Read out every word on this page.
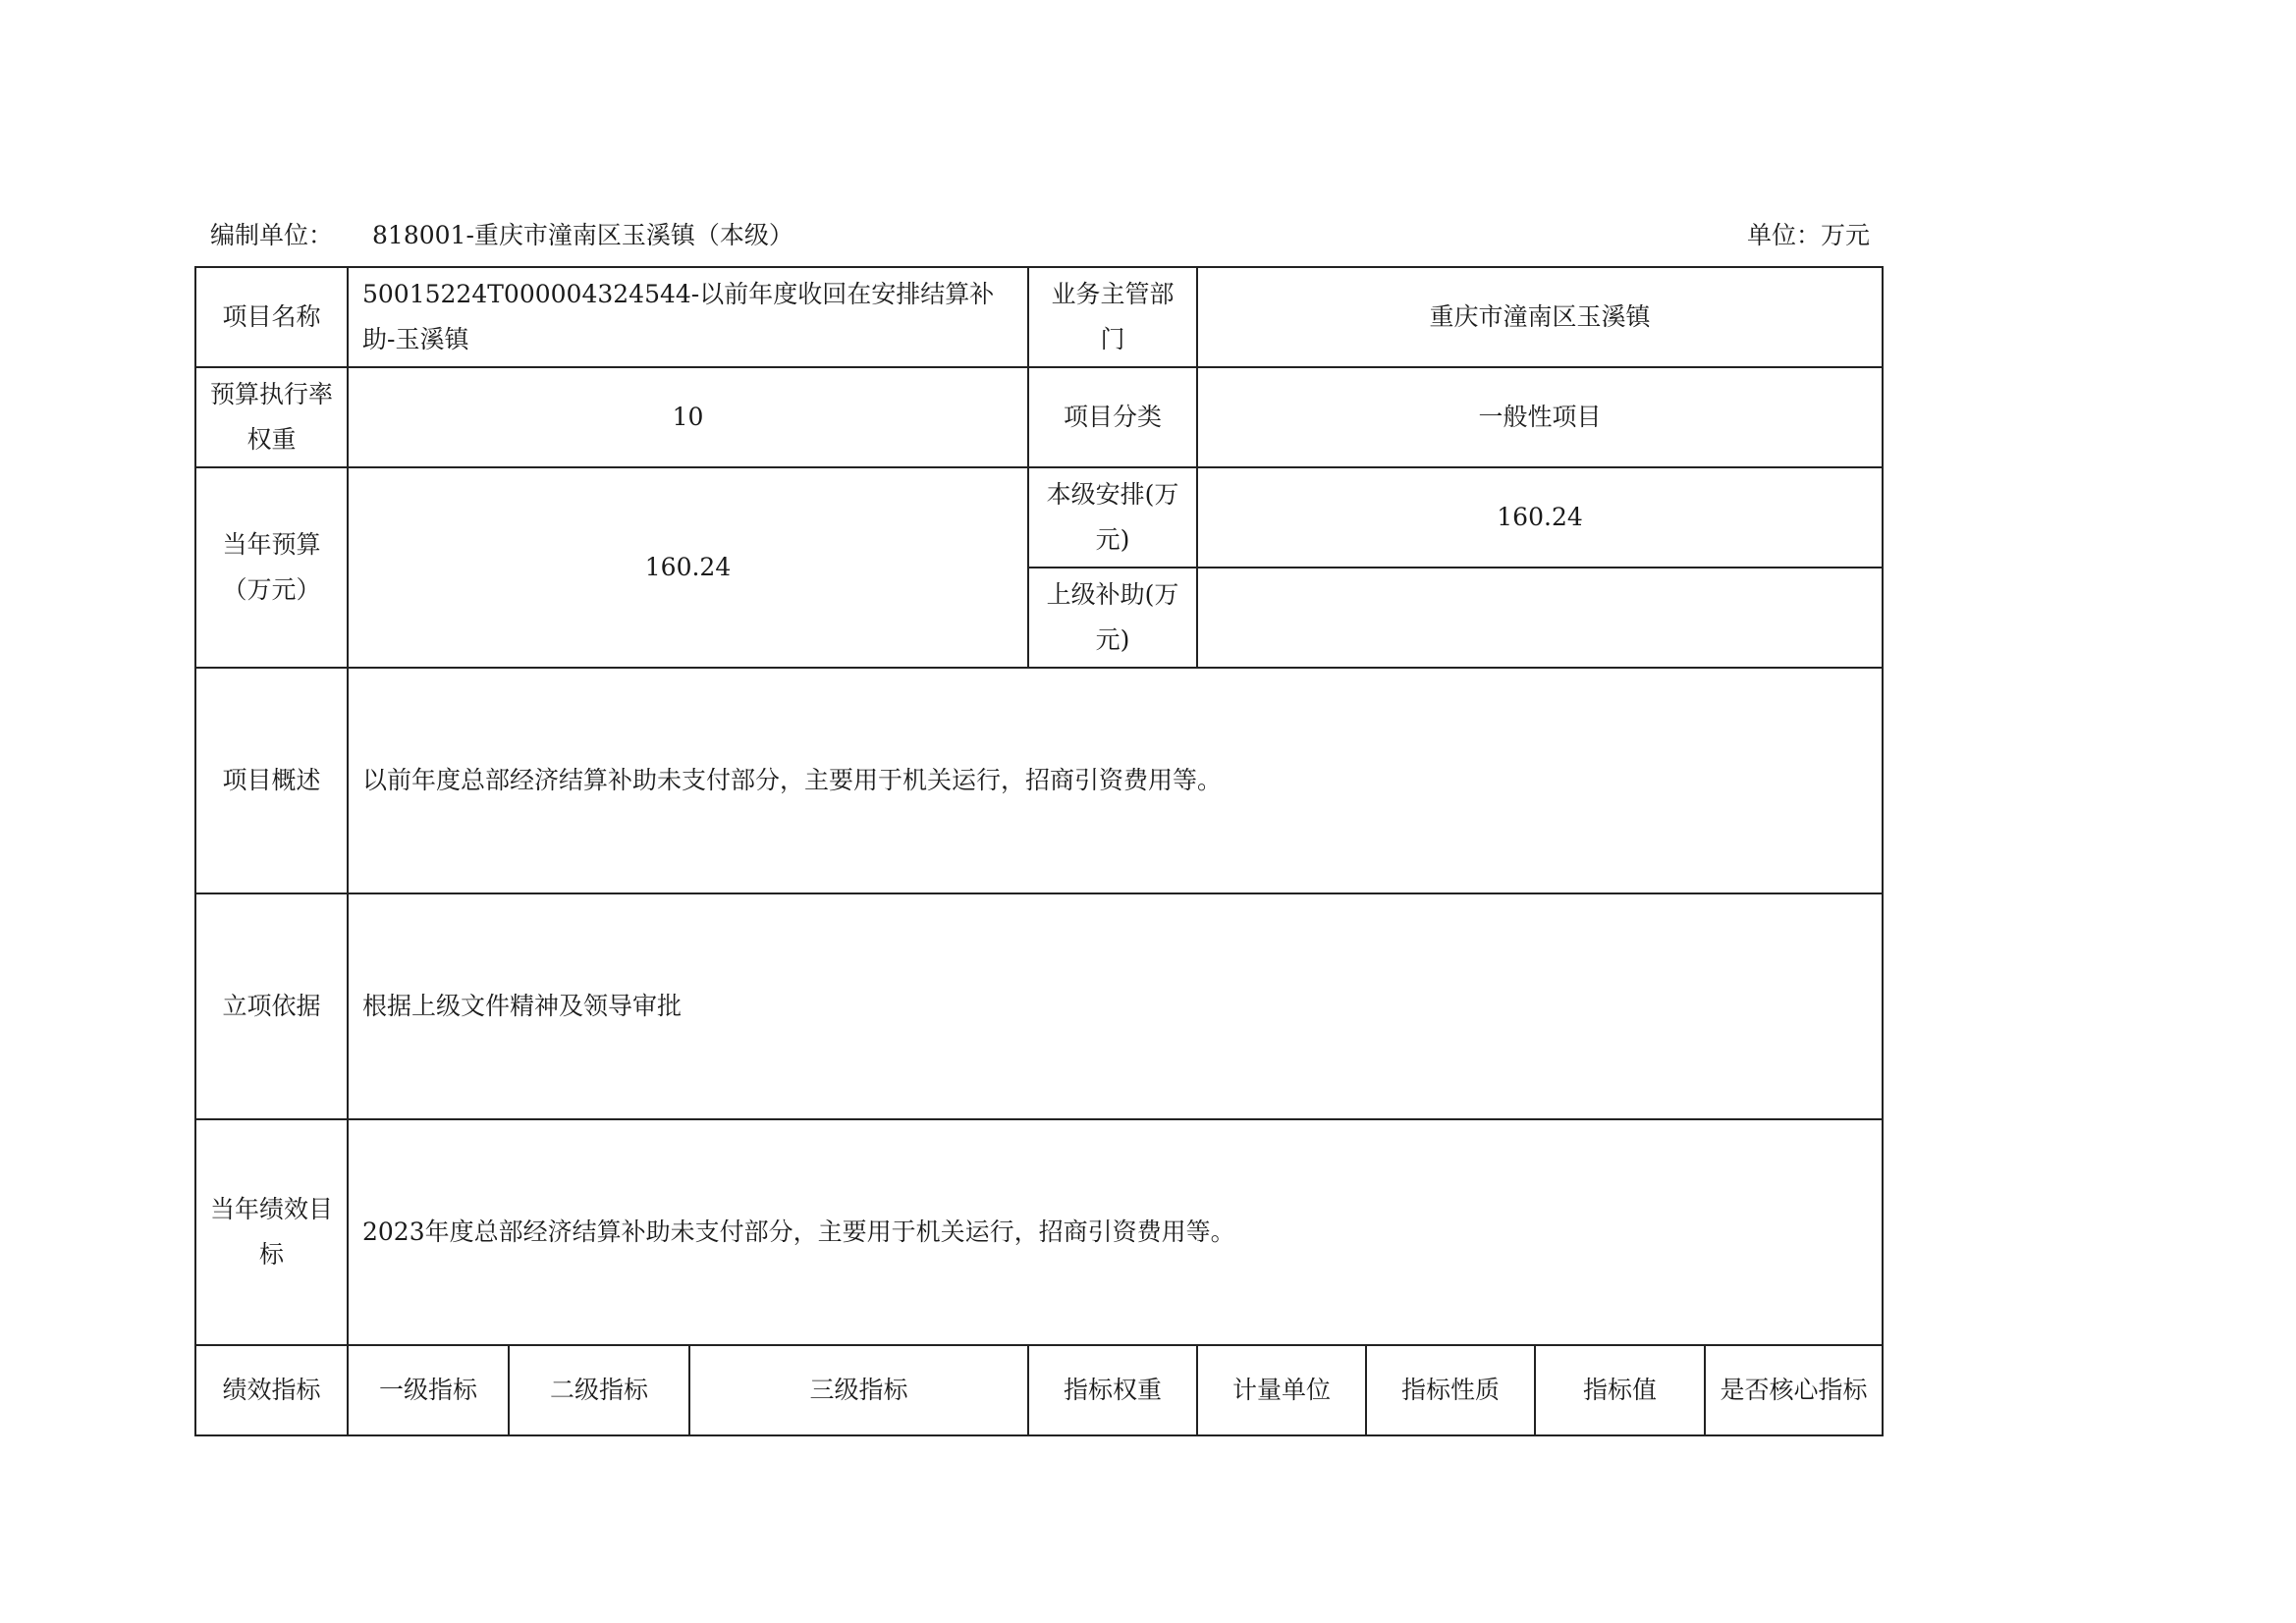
编制单位： 818001-重庆市潼南区玉溪镇（本级）	单位：万元
项目名称	50015224T000004324544-以前年度收回在安排结算补助-玉溪镇			业务主管部门	重庆市潼南区玉溪镇			
预算执行率权重	10			项目分类	一般性项目			
当年预算（万元）	160.24			本级安排(万元)	160.24			
				上级补助(万元)				
项目概述	以前年度总部经济结算补助未支付部分，主要用于机关运行，招商引资费用等。							
立项依据	根据上级文件精神及领导审批							
当年绩效目标	2023年度总部经济结算补助未支付部分，主要用于机关运行，招商引资费用等。							
绩效指标	一级指标	二级指标	三级指标	指标权重	计量单位	指标性质	指标值	是否核心指标
